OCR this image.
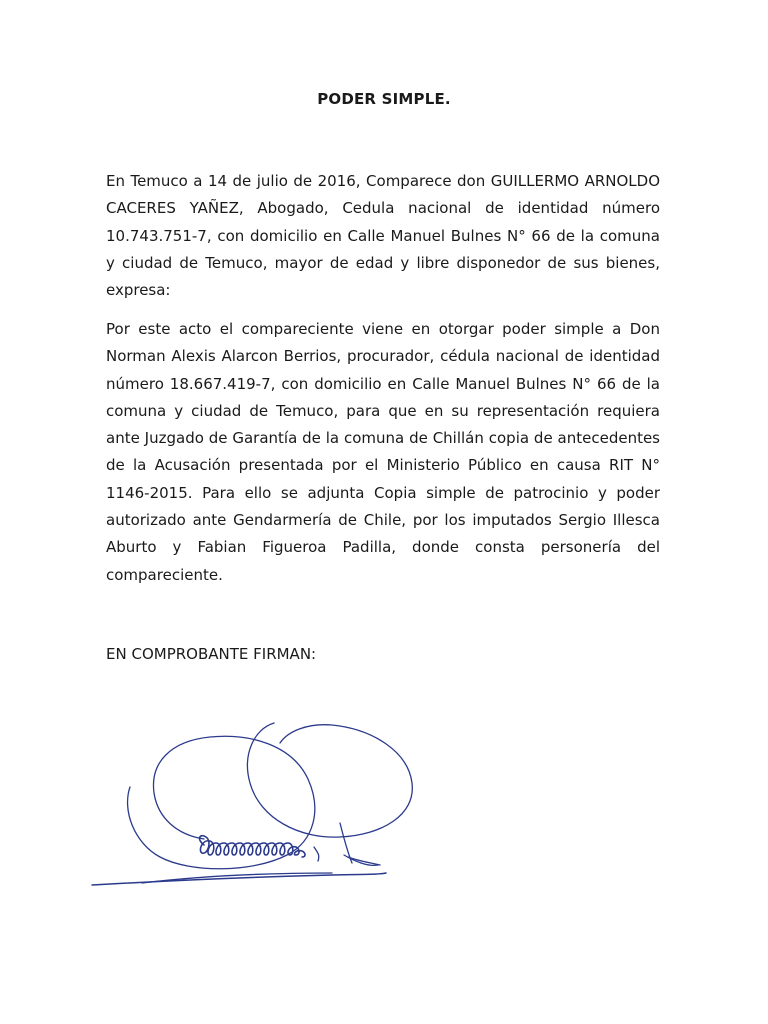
PODER SIMPLE.

En Temuco a 14 de julio de 2016, Comparece don GUILLERMO ARNOLDO CACERES YAÑEZ, Abogado, Cedula nacional de identidad número 10.743.751-7, con domicilio en Calle Manuel Bulnes N° 66 de la comuna y ciudad de Temuco, mayor de edad y libre disponedor de sus bienes, expresa:

Por este acto el compareciente viene en otorgar poder simple a Don Norman Alexis Alarcon Berrios, procurador, cédula nacional de identidad número 18.667.419-7, con domicilio en Calle Manuel Bulnes N° 66 de la comuna y ciudad de Temuco, para que en su representación requiera ante Juzgado de Garantía de la comuna de Chillán copia de antecedentes de la Acusación presentada por el Ministerio Público en causa RIT N° 1146-2015. Para ello se adjunta Copia simple de patrocinio y poder autorizado ante Gendarmería de Chile, por los imputados Sergio Illesca Aburto y Fabian Figueroa Padilla, donde consta personería del compareciente.

EN COMPROBANTE FIRMAN:
